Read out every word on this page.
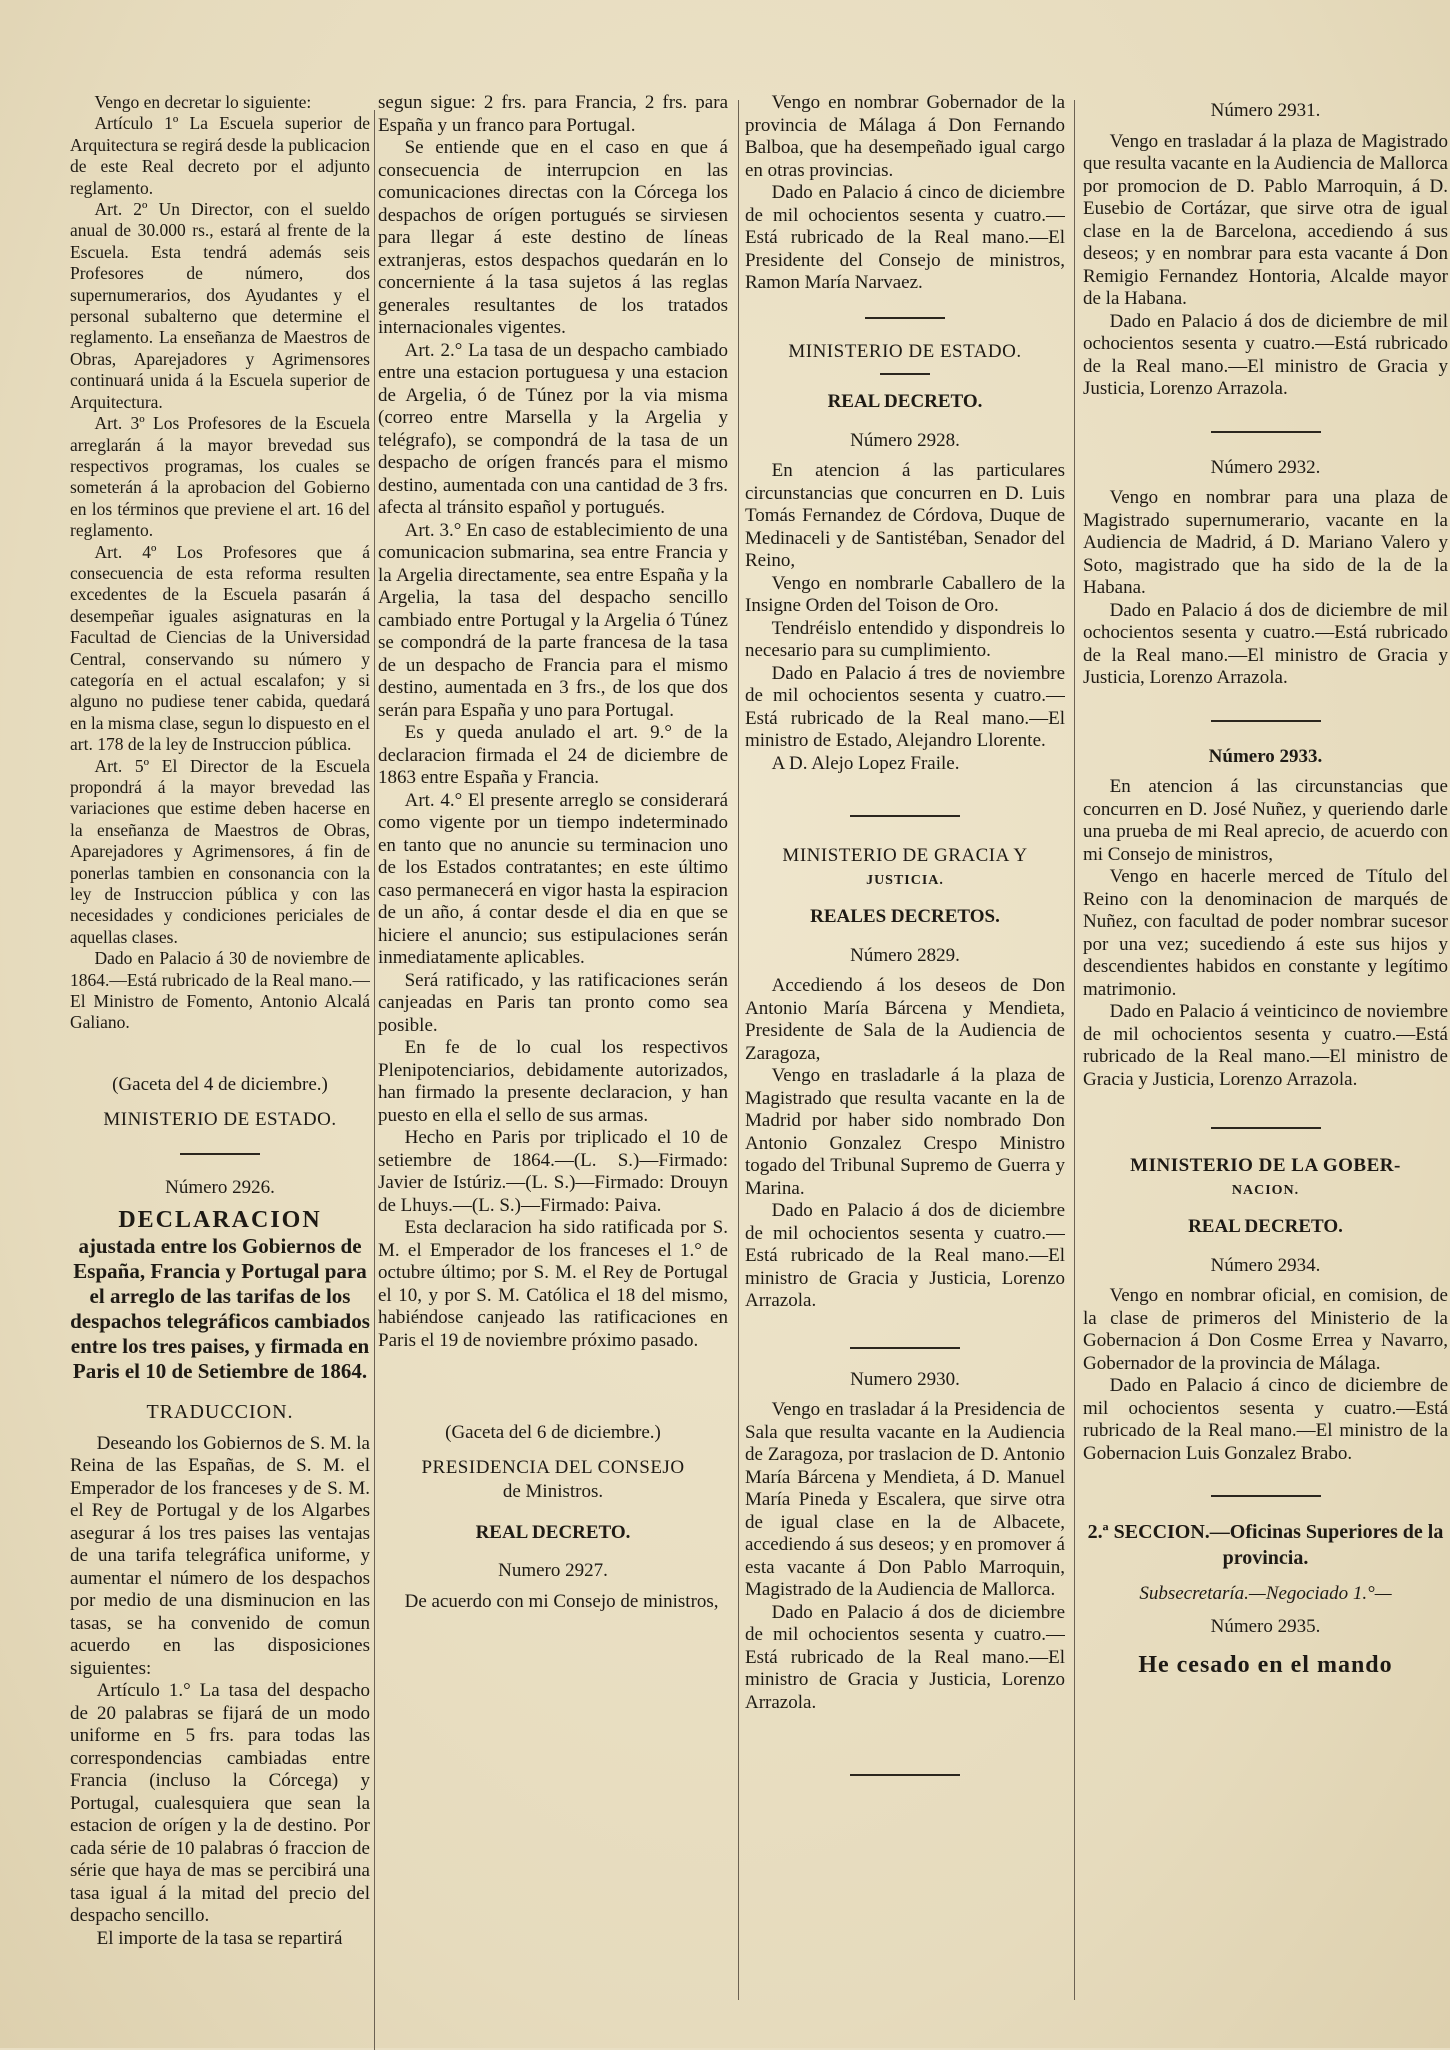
Vengo en decretar lo siguiente:

Artículo 1º La Escuela superior de Arquitectura se regirá desde la publicacion de este Real decreto por el adjunto reglamento.

Art. 2º Un Director, con el sueldo anual de 30.000 rs., estará al frente de la Escuela. Esta tendrá además seis Profesores de número, dos supernumerarios, dos Ayudantes y el personal subalterno que determine el reglamento. La enseñanza de Maestros de Obras, Aparejadores y Agrimensores continuará unida á la Escuela superior de Arquitectura.

Art. 3º Los Profesores de la Escuela arreglarán á la mayor brevedad sus respectivos programas, los cuales se someterán á la aprobacion del Gobierno en los términos que previene el art. 16 del reglamento.

Art. 4º Los Profesores que á consecuencia de esta reforma resulten excedentes de la Escuela pasarán á desempeñar iguales asignaturas en la Facultad de Ciencias de la Universidad Central, conservando su número y categoría en el actual escalafon; y si alguno no pudiese tener cabida, quedará en la misma clase, segun lo dispuesto en el art. 178 de la ley de Instruccion pública.

Art. 5º El Director de la Escuela propondrá á la mayor brevedad las variaciones que estime deben hacerse en la enseñanza de Maestros de Obras, Aparejadores y Agrimensores, á fin de ponerlas tambien en consonancia con la ley de Instruccion pública y con las necesidades y condiciones periciales de aquellas clases.

Dado en Palacio á 30 de noviembre de 1864.—Está rubricado de la Real mano.—El Ministro de Fomento, Antonio Alcalá Galiano.

(Gaceta del 4 de diciembre.)

MINISTERIO DE ESTADO.
Número 2926.
DECLARACION
ajustada entre los Gobiernos de España, Francia y Portugal para el arreglo de las tarifas de los despachos telegráficos cambiados entre los tres paises, y firmada en Paris el 10 de Setiembre de 1864.
TRADUCCION.

Deseando los Gobiernos de S. M. la Reina de las Españas, de S. M. el Emperador de los franceses y de S. M. el Rey de Portugal y de los Algarbes asegurar á los tres paises las ventajas de una tarifa telegráfica uniforme, y aumentar el número de los despachos por medio de una disminucion en las tasas, se ha convenido de comun acuerdo en las disposiciones siguientes:

Artículo 1.° La tasa del despacho de 20 palabras se fijará de un modo uniforme en 5 frs. para todas las correspondencias cambiadas entre Francia (incluso la Córcega) y Portugal, cualesquiera que sean la estacion de orígen y la de destino. Por cada série de 10 palabras ó fraccion de série que haya de mas se percibirá una tasa igual á la mitad del precio del despacho sencillo.

El importe de la tasa se repartirá

segun sigue: 2 frs. para Francia, 2 frs. para España y un franco para Portugal.

Se entiende que en el caso en que á consecuencia de interrupcion en las comunicaciones directas con la Córcega los despachos de orígen portugués se sirviesen para llegar á este destino de líneas extranjeras, estos despachos quedarán en lo concerniente á la tasa sujetos á las reglas generales resultantes de los tratados internacionales vigentes.

Art. 2.° La tasa de un despacho cambiado entre una estacion portuguesa y una estacion de Argelia, ó de Túnez por la via misma (correo entre Marsella y la Argelia y telégrafo), se compondrá de la tasa de un despacho de orígen francés para el mismo destino, aumentada con una cantidad de 3 frs. afecta al tránsito español y portugués.

Art. 3.° En caso de establecimiento de una comunicacion submarina, sea entre Francia y la Argelia directamente, sea entre España y la Argelia, la tasa del despacho sencillo cambiado entre Portugal y la Argelia ó Túnez se compondrá de la parte francesa de la tasa de un despacho de Francia para el mismo destino, aumentada en 3 frs., de los que dos serán para España y uno para Portugal.

Es y queda anulado el art. 9.° de la declaracion firmada el 24 de diciembre de 1863 entre España y Francia.

Art. 4.° El presente arreglo se considerará como vigente por un tiempo indeterminado en tanto que no anuncie su terminacion uno de los Estados contratantes; en este último caso permanecerá en vigor hasta la espiracion de un año, á contar desde el dia en que se hiciere el anuncio; sus estipulaciones serán inmediatamente aplicables.

Será ratificado, y las ratificaciones serán canjeadas en Paris tan pronto como sea posible.

En fe de lo cual los respectivos Plenipotenciarios, debidamente autorizados, han firmado la presente declaracion, y han puesto en ella el sello de sus armas.

Hecho en Paris por triplicado el 10 de setiembre de 1864.—(L. S.)—Firmado: Javier de Istúriz.—(L. S.)—Firmado: Drouyn de Lhuys.—(L. S.)—Firmado: Paiva.

Esta declaracion ha sido ratificada por S. M. el Emperador de los franceses el 1.° de octubre último; por S. M. el Rey de Portugal el 10, y por S. M. Católica el 18 del mismo, habiéndose canjeado las ratificaciones en Paris el 19 de noviembre próximo pasado.

(Gaceta del 6 de diciembre.)

PRESIDENCIA DEL CONSEJO
de Ministros.
REAL DECRETO.
Numero 2927.

De acuerdo con mi Consejo de ministros,

Vengo en nombrar Gobernador de la provincia de Málaga á Don Fernando Balboa, que ha desempeñado igual cargo en otras provincias.

Dado en Palacio á cinco de diciembre de mil ochocientos sesenta y cuatro.—Está rubricado de la Real mano.—El Presidente del Consejo de ministros, Ramon María Narvaez.

MINISTERIO DE ESTADO.
REAL DECRETO.
Número 2928.

En atencion á las particulares circunstancias que concurren en D. Luis Tomás Fernandez de Córdova, Duque de Medinaceli y de Santistéban, Senador del Reino,

Vengo en nombrarle Caballero de la Insigne Orden del Toison de Oro.

Tendréislo entendido y dispondreis lo necesario para su cumplimiento.

Dado en Palacio á tres de noviembre de mil ochocientos sesenta y cuatro.—Está rubricado de la Real mano.—El ministro de Estado, Alejandro Llorente.

A D. Alejo Lopez Fraile.

MINISTERIO DE GRACIA Y
JUSTICIA.
REALES DECRETOS.
Número 2829.

Accediendo á los deseos de Don Antonio María Bárcena y Mendieta, Presidente de Sala de la Audiencia de Zaragoza,

Vengo en trasladarle á la plaza de Magistrado que resulta vacante en la de Madrid por haber sido nombrado Don Antonio Gonzalez Crespo Ministro togado del Tribunal Supremo de Guerra y Marina.

Dado en Palacio á dos de diciembre de mil ochocientos sesenta y cuatro.—Está rubricado de la Real mano.—El ministro de Gracia y Justicia, Lorenzo Arrazola.

Numero 2930.

Vengo en trasladar á la Presidencia de Sala que resulta vacante en la Audiencia de Zaragoza, por traslacion de D. Antonio María Bárcena y Mendieta, á D. Manuel María Pineda y Escalera, que sirve otra de igual clase en la de Albacete, accediendo á sus deseos; y en promover á esta vacante á Don Pablo Marroquin, Magistrado de la Audiencia de Mallorca.

Dado en Palacio á dos de diciembre de mil ochocientos sesenta y cuatro.—Está rubricado de la Real mano.—El ministro de Gracia y Justicia, Lorenzo Arrazola.

Número 2931.

Vengo en trasladar á la plaza de Magistrado que resulta vacante en la Audiencia de Mallorca por promocion de D. Pablo Marroquin, á D. Eusebio de Cortázar, que sirve otra de igual clase en la de Barcelona, accediendo á sus deseos; y en nombrar para esta vacante á Don Remigio Fernandez Hontoria, Alcalde mayor de la Habana.

Dado en Palacio á dos de diciembre de mil ochocientos sesenta y cuatro.—Está rubricado de la Real mano.—El ministro de Gracia y Justicia, Lorenzo Arrazola.

Número 2932.

Vengo en nombrar para una plaza de Magistrado supernumerario, vacante en la Audiencia de Madrid, á D. Mariano Valero y Soto, magistrado que ha sido de la de la Habana.

Dado en Palacio á dos de diciembre de mil ochocientos sesenta y cuatro.—Está rubricado de la Real mano.—El ministro de Gracia y Justicia, Lorenzo Arrazola.

Número 2933.

En atencion á las circunstancias que concurren en D. José Nuñez, y queriendo darle una prueba de mi Real aprecio, de acuerdo con mi Consejo de ministros,

Vengo en hacerle merced de Título del Reino con la denominacion de marqués de Nuñez, con facultad de poder nombrar sucesor por una vez; sucediendo á este sus hijos y descendientes habidos en constante y legítimo matrimonio.

Dado en Palacio á veinticinco de noviembre de mil ochocientos sesenta y cuatro.—Está rubricado de la Real mano.—El ministro de Gracia y Justicia, Lorenzo Arrazola.

MINISTERIO DE LA GOBER-
NACION.
REAL DECRETO.
Número 2934.

Vengo en nombrar oficial, en comision, de la clase de primeros del Ministerio de la Gobernacion á Don Cosme Errea y Navarro, Gobernador de la provincia de Málaga.

Dado en Palacio á cinco de diciembre de mil ochocientos sesenta y cuatro.—Está rubricado de la Real mano.—El ministro de la Gobernacion Luis Gonzalez Brabo.

2.ª SECCION.—Oficinas Superiores de la provincia.

Subsecretaría.—Negociado 1.°—

Número 2935.
He cesado en el mando
